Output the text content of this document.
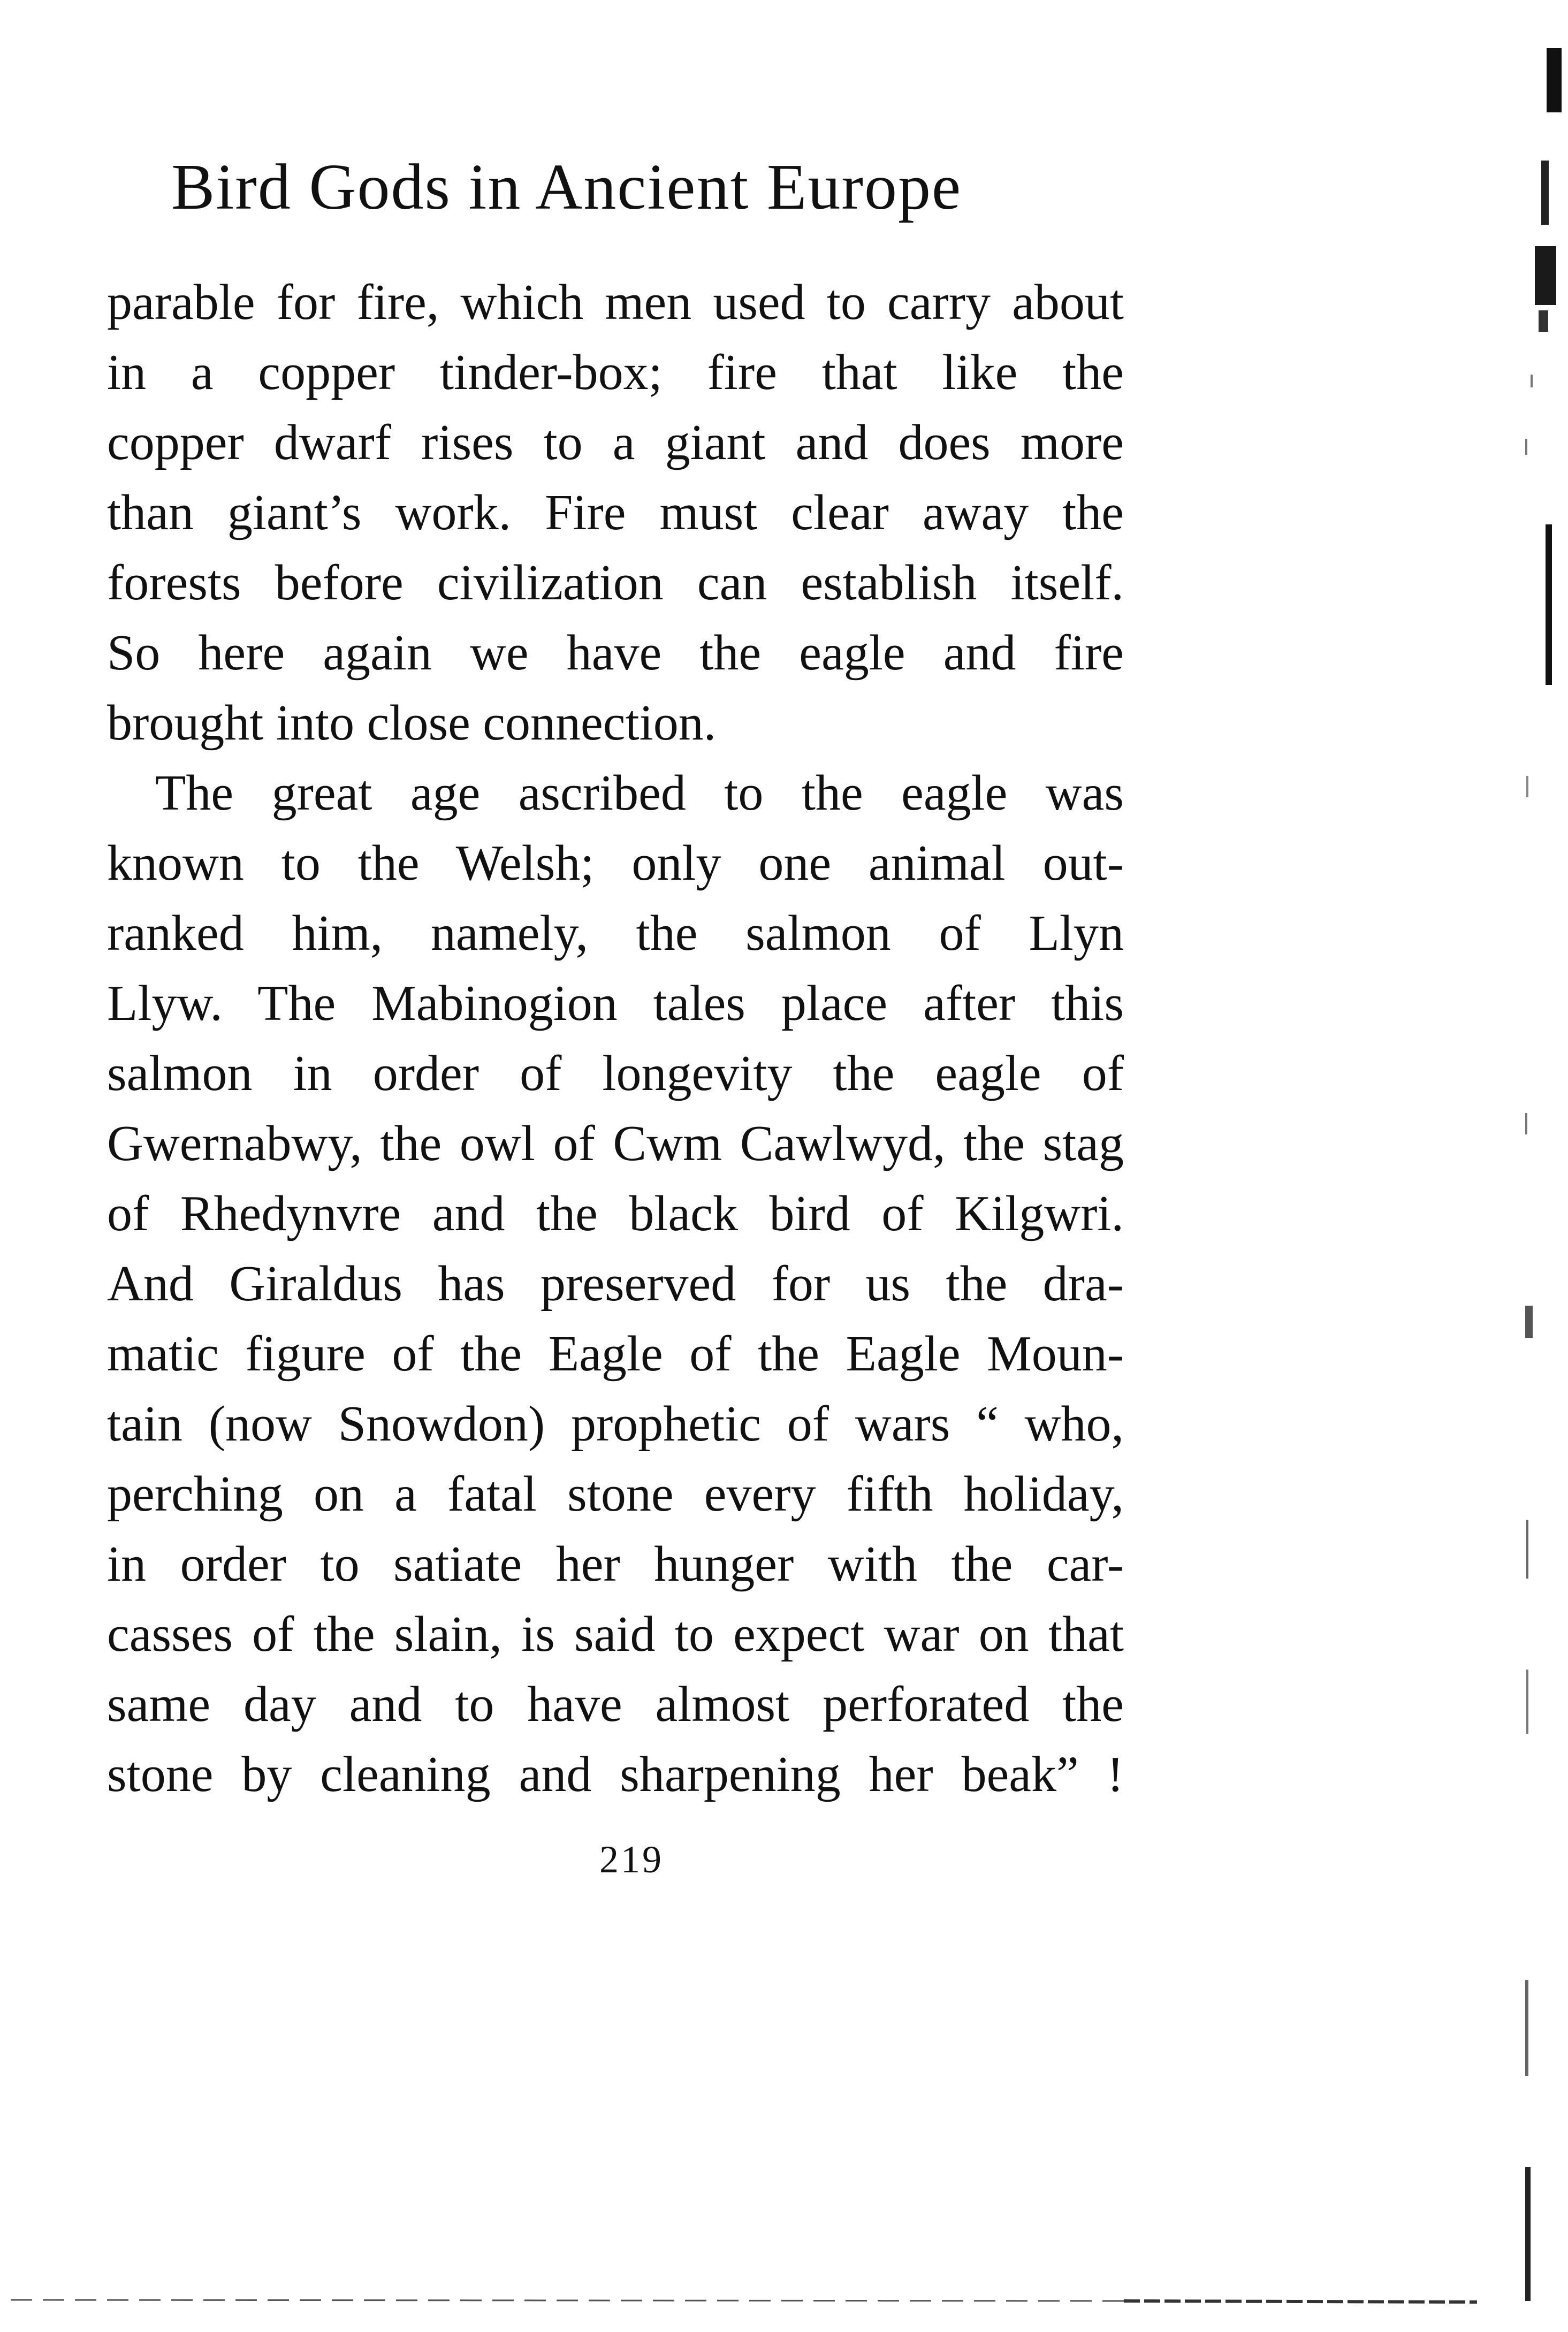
Bird Gods in Ancient Europe
parable for fire, which men used to carry about
in a copper tinder-box; fire that like the
copper dwarf rises to a giant and does more
than giant’s work. Fire must clear away the
forests before civilization can establish itself.
So here again we have the eagle and fire
brought into close connection.
The great age ascribed to the eagle was
known to the Welsh; only one animal out-
ranked him, namely, the salmon of Llyn
Llyw. The Mabinogion tales place after this
salmon in order of longevity the eagle of
Gwernabwy, the owl of Cwm Cawlwyd, the stag
of Rhedynvre and the black bird of Kilgwri.
And Giraldus has preserved for us the dra-
matic figure of the Eagle of the Eagle Moun-
tain (now Snowdon) prophetic of wars “ who,
perching on a fatal stone every fifth holiday,
in order to satiate her hunger with the car-
casses of the slain, is said to expect war on that
same day and to have almost perforated the
stone by cleaning and sharpening her beak” !
219
